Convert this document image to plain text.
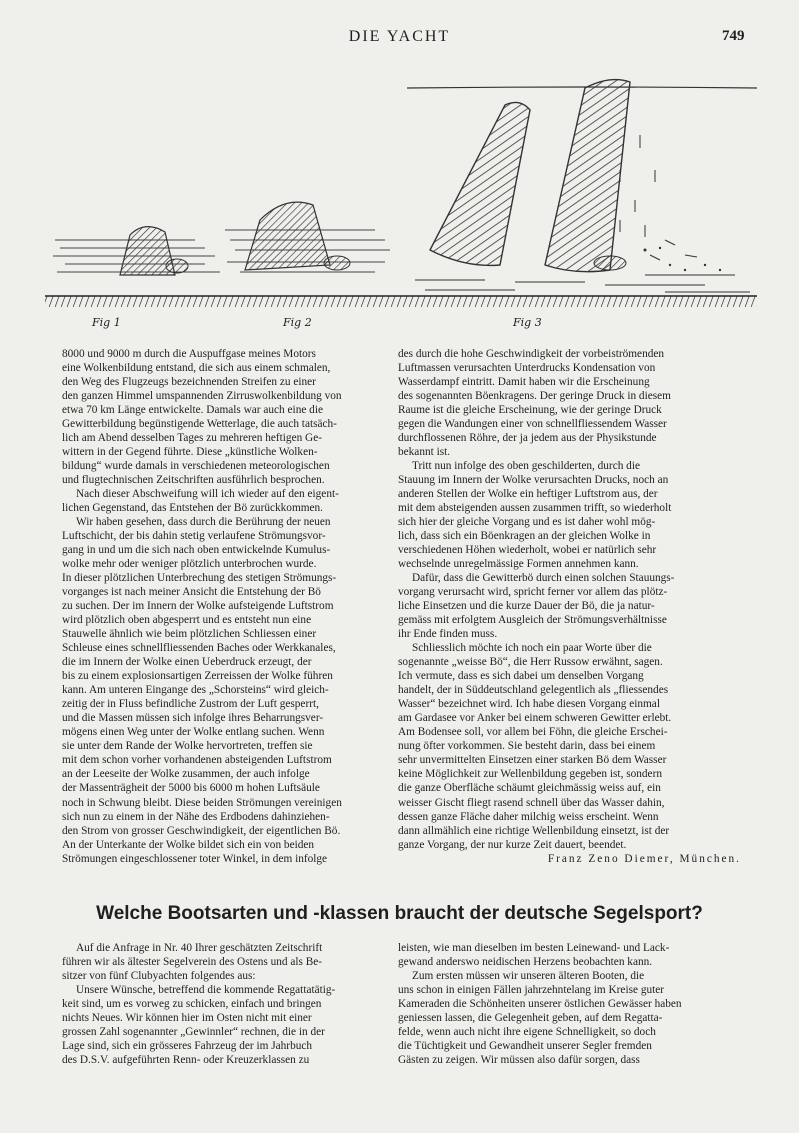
DIE YACHT	749
Fig 1	Fig 2	Fig 3
8000 und 9000 m durch die Auspuffgase meines Motors
eine Wolkenbildung entstand, die sich aus einem schmalen,
den Weg des Flugzeugs bezeichnenden Streifen zu einer
den ganzen Himmel umspannenden Zirruswolkenbildung von
etwa 70 km Länge entwickelte. Damals war auch eine die
Gewitterbildung begünstigende Wetterlage, die auch tatsäch-
lich am Abend desselben Tages zu mehreren heftigen Ge-
wittern in der Gegend führte. Diese „künstliche Wolken-
bildung“ wurde damals in verschiedenen meteorologischen
und flugtechnischen Zeitschriften ausführlich besprochen.
Nach dieser Abschweifung will ich wieder auf den eigent-
lichen Gegenstand, das Entstehen der Bö zurückkommen.
Wir haben gesehen, dass durch die Berührung der neuen
Luftschicht, der bis dahin stetig verlaufene Strömungsvor-
gang in und um die sich nach oben entwickelnde Kumulus-
wolke mehr oder weniger plötzlich unterbrochen wurde.
In dieser plötzlichen Unterbrechung des stetigen Strömungs-
vorganges ist nach meiner Ansicht die Entstehung der Bö
zu suchen. Der im Innern der Wolke aufsteigende Luftstrom
wird plötzlich oben abgesperrt und es entsteht nun eine
Stauwelle ähnlich wie beim plötzlichen Schliessen einer
Schleuse eines schnellfliessenden Baches oder Werkkanales,
die im Innern der Wolke einen Ueberdruck erzeugt, der
bis zu einem explosionsartigen Zerreissen der Wolke führen
kann. Am unteren Eingange des „Schorsteins“ wird gleich-
zeitig der in Fluss befindliche Zustrom der Luft gesperrt,
und die Massen müssen sich infolge ihres Beharrungsver-
mögens einen Weg unter der Wolke entlang suchen. Wenn
sie unter dem Rande der Wolke hervortreten, treffen sie
mit dem schon vorher vorhandenen absteigenden Luftstrom
an der Leeseite der Wolke zusammen, der auch infolge
der Massenträgheit der 5000 bis 6000 m hohen Luftsäule
noch in Schwung bleibt. Diese beiden Strömungen vereinigen
sich nun zu einem in der Nähe des Erdbodens dahinziehen-
den Strom von grosser Geschwindigkeit, der eigentlichen Bö.
An der Unterkante der Wolke bildet sich ein von beiden
Strömungen eingeschlossener toter Winkel, in dem infolge
des durch die hohe Geschwindigkeit der vorbeiströmenden
Luftmassen verursachten Unterdrucks Kondensation von
Wasserdampf eintritt. Damit haben wir die Erscheinung
des sogenannten Böenkragens. Der geringe Druck in diesem
Raume ist die gleiche Erscheinung, wie der geringe Druck
gegen die Wandungen einer von schnellfliessendem Wasser
durchflossenen Röhre, der ja jedem aus der Physikstunde
bekannt ist.
Tritt nun infolge des oben geschilderten, durch die
Stauung im Innern der Wolke verursachten Drucks, noch an
anderen Stellen der Wolke ein heftiger Luftstrom aus, der
mit dem absteigenden aussen zusammen trifft, so wiederholt
sich hier der gleiche Vorgang und es ist daher wohl mög-
lich, dass sich ein Böenkragen an der gleichen Wolke in
verschiedenen Höhen wiederholt, wobei er natürlich sehr
wechselnde unregelmässige Formen annehmen kann.
Dafür, dass die Gewitterbö durch einen solchen Stauungs-
vorgang verursacht wird, spricht ferner vor allem das plötz-
liche Einsetzen und die kurze Dauer der Bö, die ja natur-
gemäss mit erfolgtem Ausgleich der Strömungsverhältnisse
ihr Ende finden muss.
Schliesslich möchte ich noch ein paar Worte über die
sogenannte „weisse Bö“, die Herr Russow erwähnt, sagen.
Ich vermute, dass es sich dabei um denselben Vorgang
handelt, der in Süddeutschland gelegentlich als „fliessendes
Wasser“ bezeichnet wird. Ich habe diesen Vorgang einmal
am Gardasee vor Anker bei einem schweren Gewitter erlebt.
Am Bodensee soll, vor allem bei Föhn, die gleiche Erschei-
nung öfter vorkommen. Sie besteht darin, dass bei einem
sehr unvermittelten Einsetzen einer starken Bö dem Wasser
keine Möglichkeit zur Wellenbildung gegeben ist, sondern
die ganze Oberfläche schäumt gleichmässig weiss auf, ein
weisser Gischt fliegt rasend schnell über das Wasser dahin,
dessen ganze Fläche daher milchig weiss erscheint. Wenn
dann allmählich eine richtige Wellenbildung einsetzt, ist der
ganze Vorgang, der nur kurze Zeit dauert, beendet.
Franz Zeno Diemer, München.
Welche Bootsarten und -klassen braucht der deutsche Segelsport?
Auf die Anfrage in Nr. 40 Ihrer geschätzten Zeitschrift
führen wir als ältester Segelverein des Ostens und als Be-
sitzer von fünf Clubyachten folgendes aus:
Unsere Wünsche, betreffend die kommende Regattatätig-
keit sind, um es vorweg zu schicken, einfach und bringen
nichts Neues. Wir können hier im Osten nicht mit einer
grossen Zahl sogenannter „Gewinnler“ rechnen, die in der
Lage sind, sich ein grösseres Fahrzeug der im Jahrbuch
des D.S.V. aufgeführten Renn- oder Kreuzerklassen zu
leisten, wie man dieselben im besten Leinewand- und Lack-
gewand anderswo neidischen Herzens beobachten kann.
Zum ersten müssen wir unseren älteren Booten, die
uns schon in einigen Fällen jahrzehntelang im Kreise guter
Kameraden die Schönheiten unserer östlichen Gewässer haben
geniessen lassen, die Gelegenheit geben, auf dem Regatta-
felde, wenn auch nicht ihre eigene Schnelligkeit, so doch
die Tüchtigkeit und Gewandheit unserer Segler fremden
Gästen zu zeigen. Wir müssen also dafür sorgen, dass
